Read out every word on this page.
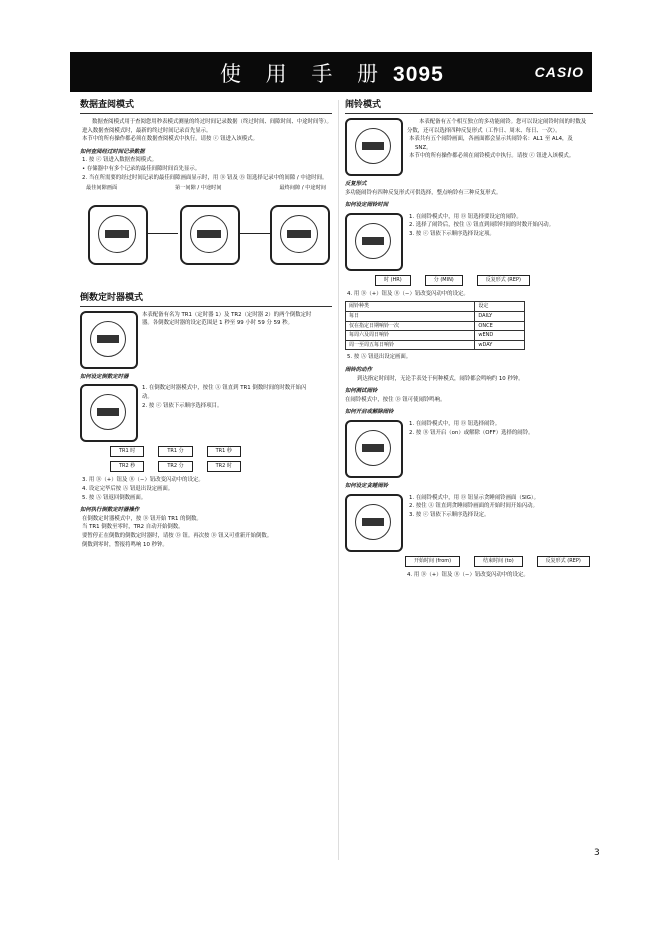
使 用 手 册 3095	CASIO
数据查阅模式
数据查阅模式用于查阅您用秒表模式测量的终过时间记录数据（终过时间、间隙时间、中途时间等）。
进入数据查阅模式时，最新的终过时间记录首先显示。
本节中的所有操作都必须在数据查阅模式中执行。请按 ⓒ 钮进入该模式。
如何查阅经过时间记录数据
1. 按 ⓒ 钮进入数据查阅模式。
• 存储器中有多个记录的最佳间隙时间首先显示。
2. 当在所需要的经过时间记录的最佳间隙画面显示时，用 Ⓓ 钮及 Ⓑ 钮选择记录中的间隙 / 中途时间。
最佳间隙画面	第一间隙 / 中途时间	最终间隙 / 中途时间
倒数定时器模式
本表配备有名为 TR1（定时器 1）及 TR2（定时器 2）的两个倒数定时器。各倒数定时器的设定范围是 1 秒至 99 小时 59 分 59 秒。
如何设定倒数定时器
1. 在倒数定时器模式中，按住 Ⓐ 钮直到 TR1 倒数时间的时数开始闪动。
2. 按 ⓒ 钮依下示顺序选择项目。
TR1 时	TR1 分	TR1 秒
TR2 秒	TR2 分	TR2 时
3. 用 Ⓓ（+）钮及 Ⓑ（−）钮改变闪动中的设定。
4. 设定完毕后按 Ⓐ 钮退出设定画面。
5. 按 Ⓐ 钮返回倒数画面。
如何执行倒数定时器操作
在倒数定时器模式中，按 Ⓓ 钮开始 TR1 的倒数。
当 TR1 倒数至零时，TR2 自动开始倒数。
要暂停正在倒数的倒数定时器时，请按 Ⓓ 钮。再次按 Ⓓ 钮又可重新开始倒数。
倒数到零时，警报将鸣响 10 秒钟。
闹铃模式
本表配备有五个相互独立的多功能闹铃。您可以设定闹铃时间的时数及分数，还可以选择四种反复形式（工作日、周末、每日、一次）。
本表共有五个闹铃画面，各画面都会显示其闹铃名：AL1 至 AL4，及 SNZ。
本节中的所有操作都必须在闹铃模式中执行。请按 ⓒ 钮进入该模式。
反复形式
多功能闹铃有四种反复形式可供选择，整点响铃有三种反复形式。
如何设定闹铃时间
1. 在闹铃模式中，用 Ⓓ 钮选择要设定的闹铃。
2. 选择了闹铃后，按住 Ⓐ 钮直到闹铃时间的时数开始闪动。
3. 按 ⓒ 钮依下示顺序选择设定项。
时 (HR)	分 (MIN)	反复形式 (REP)
4. 用 Ⓓ（+）钮及 Ⓑ（−）钮改变闪动中的设定。
闹铃种类	设定
每日	DAILY
仅在指定日期响铃一次	ONCE
每周六及周日响铃	wEND
周一至周五每日响铃	wDAY
5. 按 Ⓐ 钮退出设定画面。
闹铃的动作
到达指定时间时，无论手表处于何种模式，闹铃都会鸣响约 10 秒钟。
如何测试闹铃
在闹铃模式中，按住 Ⓓ 钮可使闹铃鸣响。
如何开启或解除闹铃
1. 在闹铃模式中，用 Ⓓ 钮选择闹铃。
2. 按 Ⓑ 钮开启（on）或解除（OFF）选择的闹铃。
如何设定贪睡闹铃
1. 在闹铃模式中，用 Ⓓ 钮显示贪睡闹铃画面（SIG）。
2. 按住 Ⓐ 钮直到贪睡闹铃画面的开始时间开始闪动。
3. 按 ⓒ 钮依下示顺序选择设定。
开始时间 (from)	结束时间 (to)	反复形式 (REP)
4. 用 Ⓓ（+）钮及 Ⓑ（−）钮改变闪动中的设定。
3
